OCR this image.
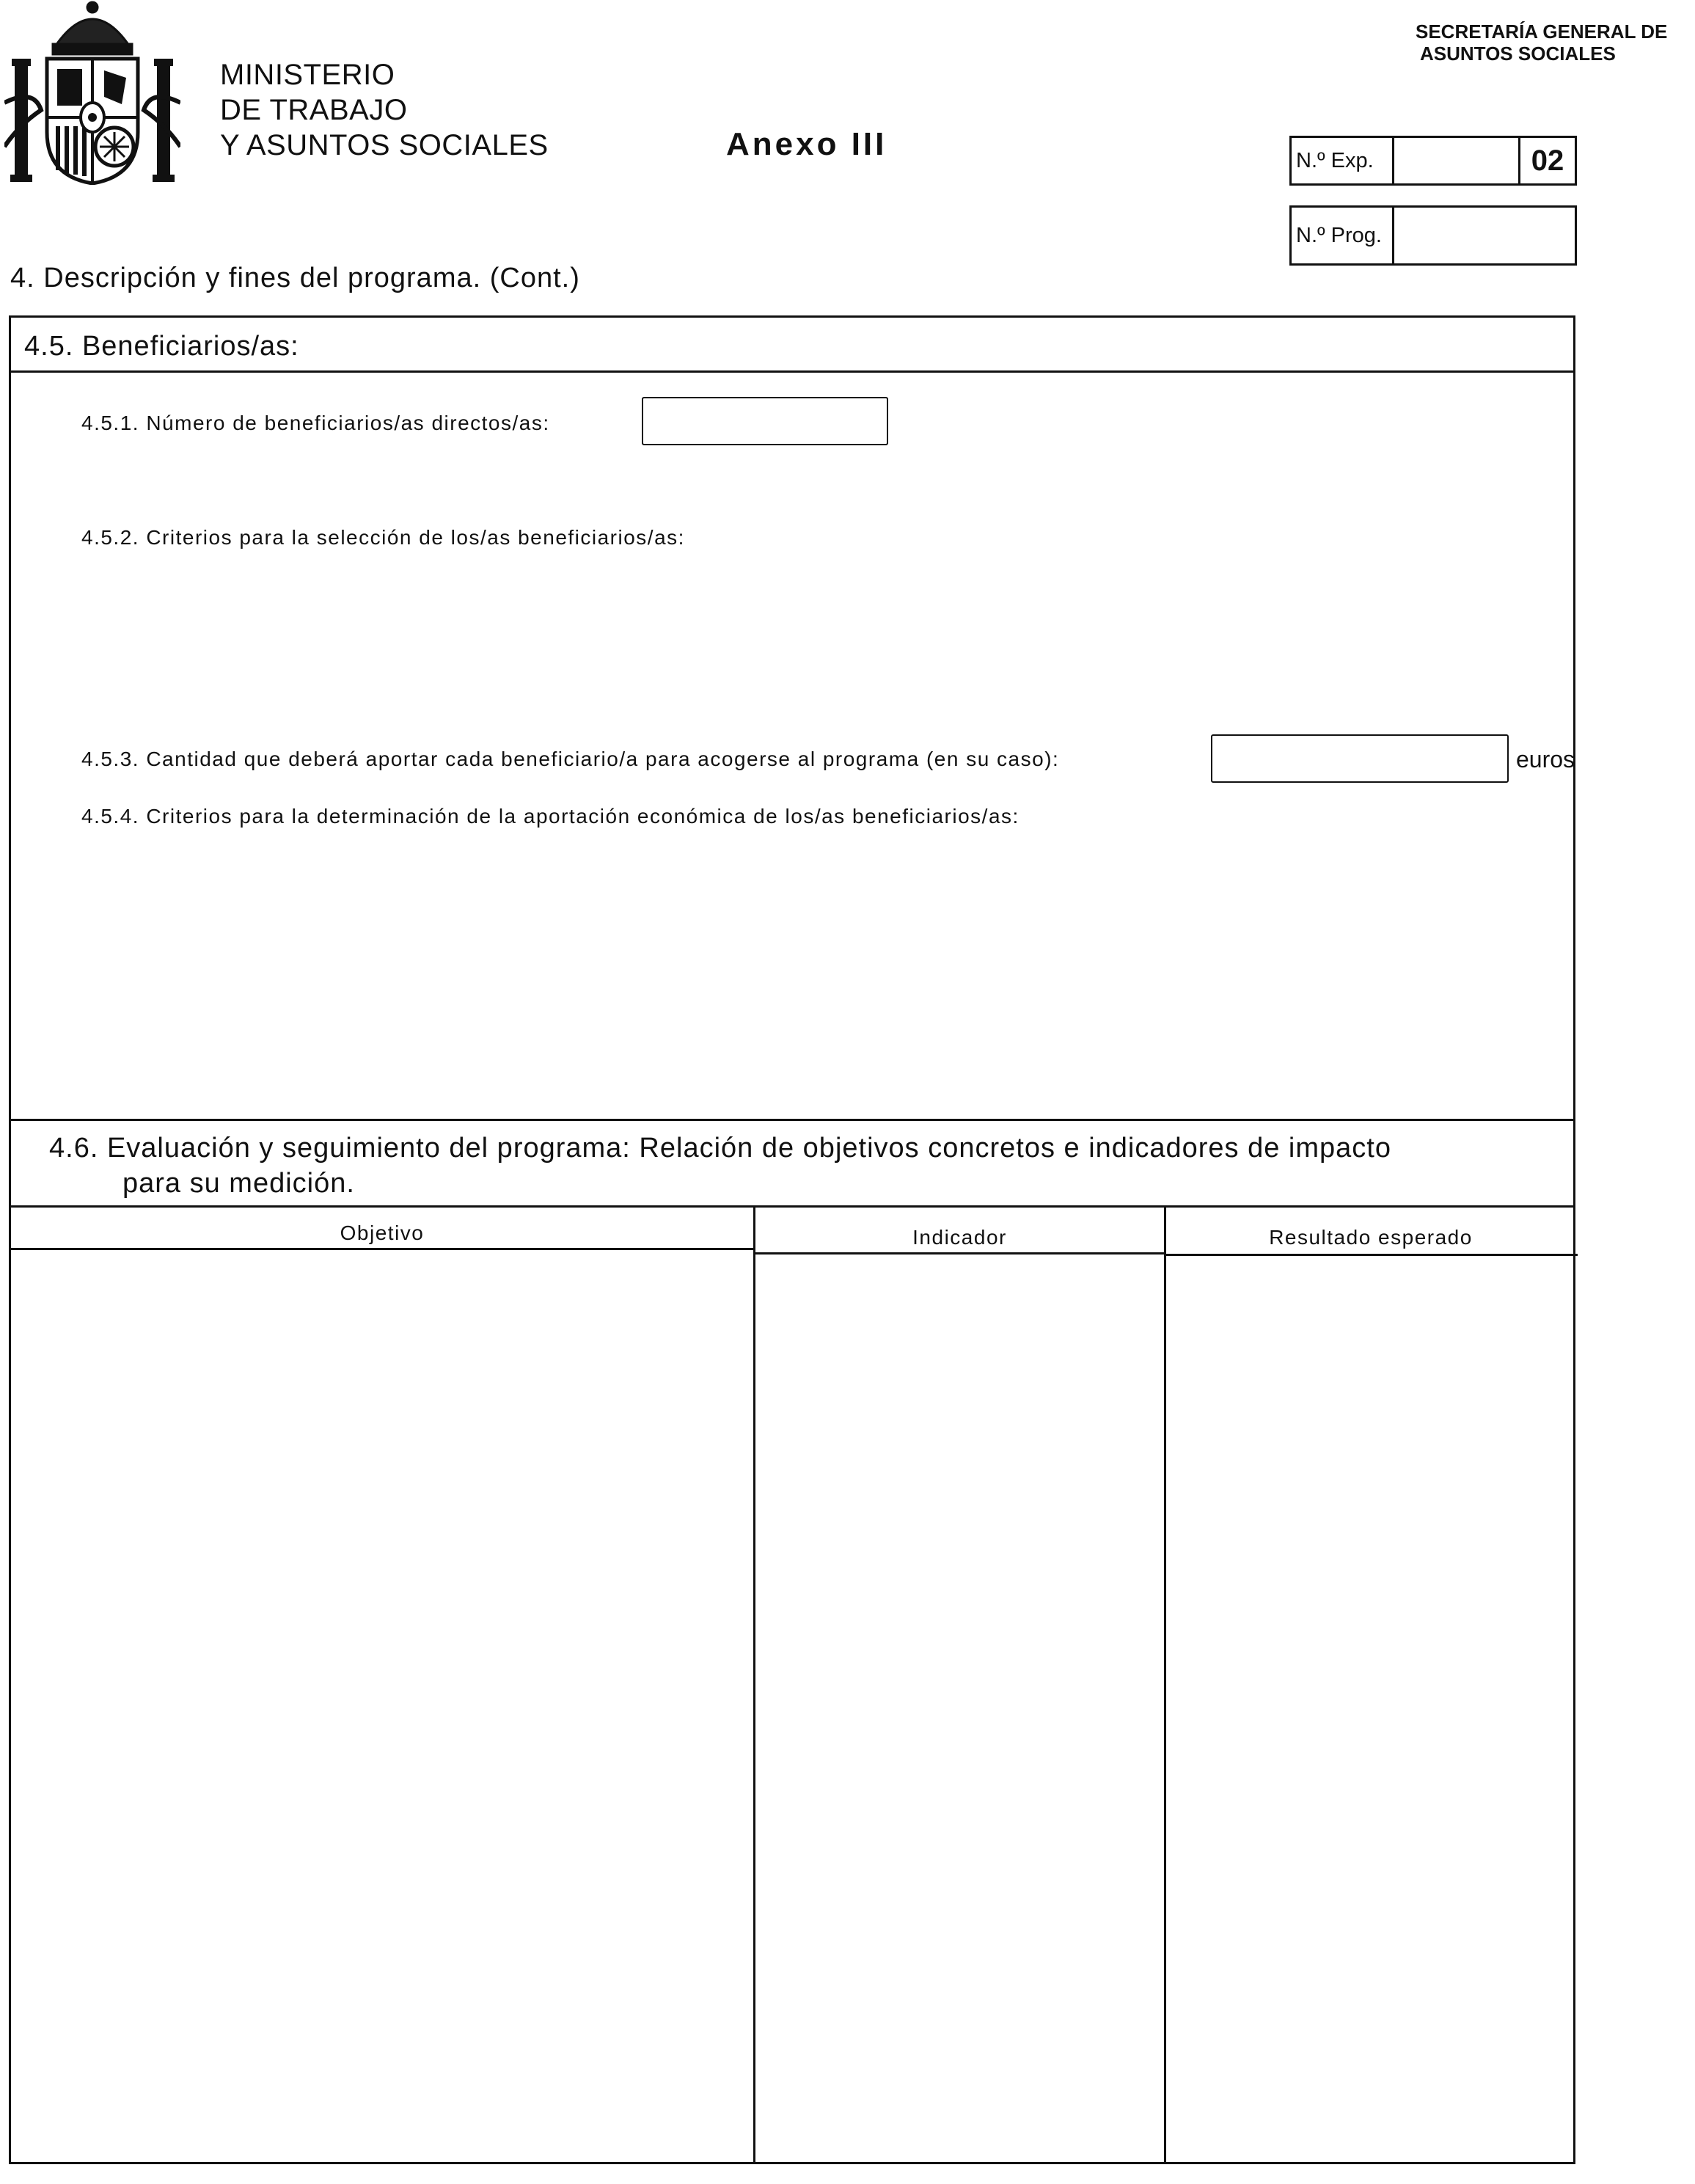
MINISTERIO
DE TRABAJO
Y ASUNTOS SOCIALES	Anexo III
SECRETARÍA GENERAL DE
ASUNTOS SOCIALES
N.º Exp.	02
N.º Prog.
4. Descripción y fines del programa. (Cont.)
4.5. Beneficiarios/as:
4.5.1. Número de beneficiarios/as directos/as:
4.5.2. Criterios para la selección de los/as beneficiarios/as:
4.5.3. Cantidad que deberá aportar cada beneficiario/a para acogerse al programa (en su caso):	euros
4.5.4. Criterios para la determinación de la aportación económica de los/as beneficiarios/as:
4.6. Evaluación y seguimiento del programa: Relación de objetivos concretos e indicadores de impacto
para su medición.
Objetivo	Indicador	Resultado esperado
